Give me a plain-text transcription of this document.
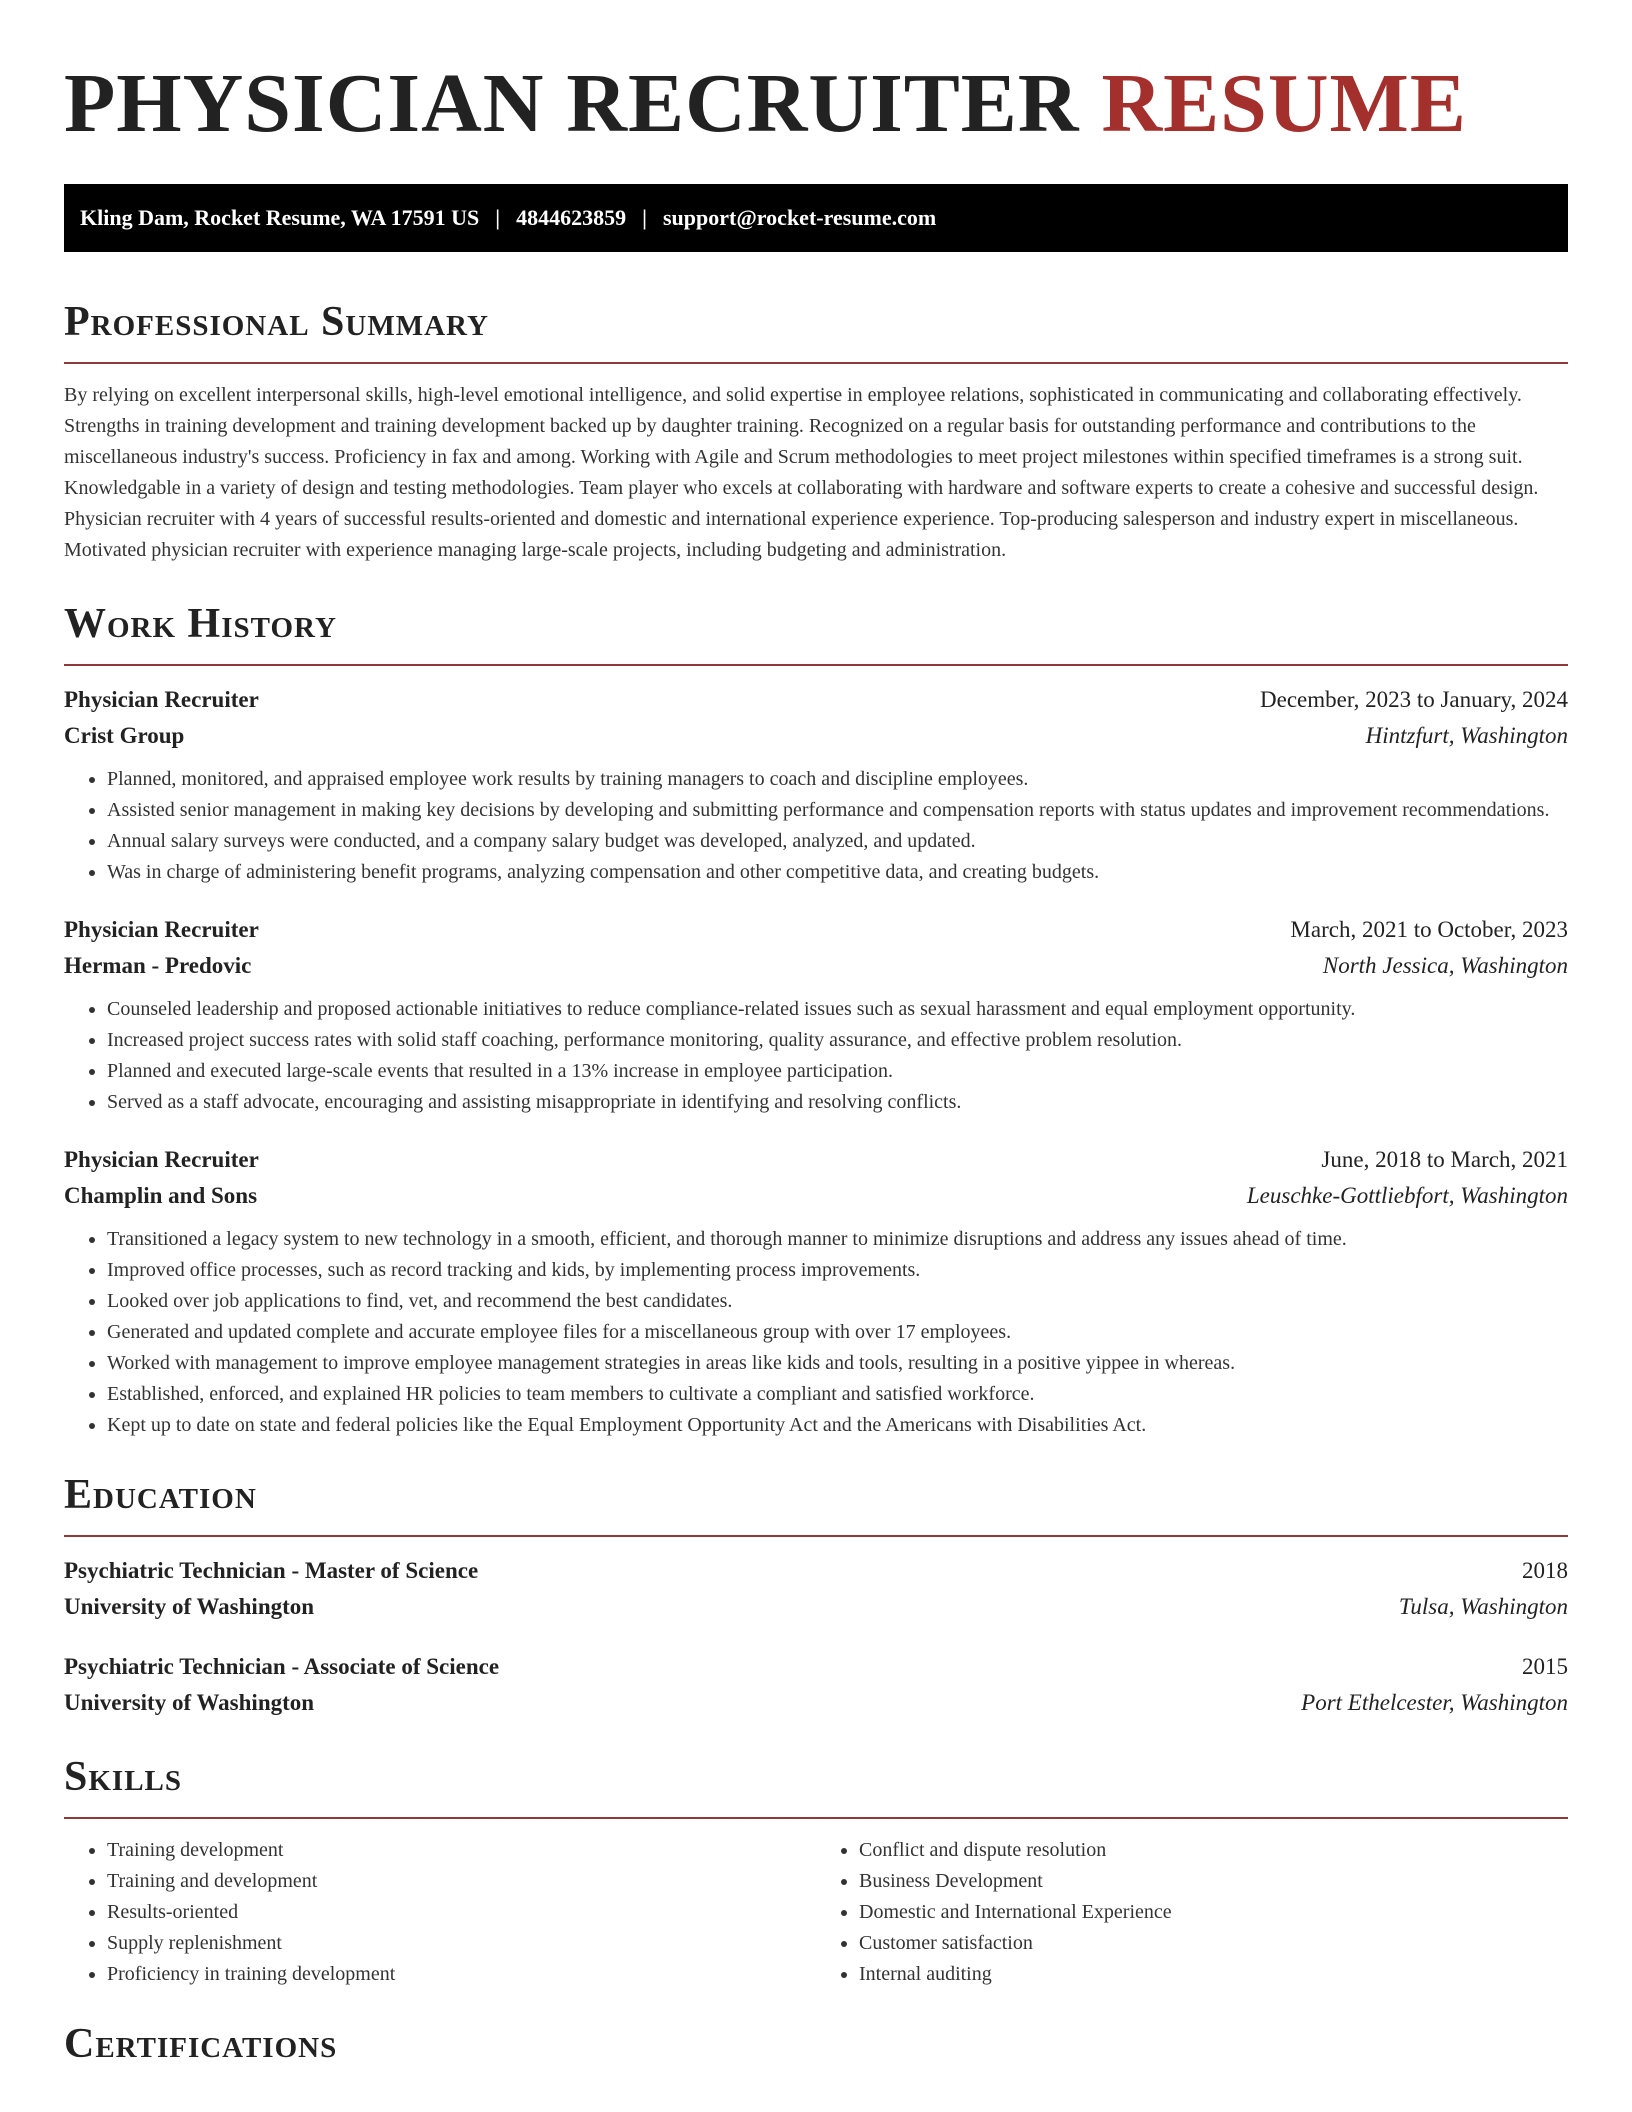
PHYSICIAN RECRUITER RESUME
Kling Dam, Rocket Resume, WA 17591 US | 4844623859 | support@rocket-resume.com
Professional Summary

By relying on excellent interpersonal skills, high-level emotional intelligence, and solid expertise in employee relations, sophisticated in communicating and collaborating effectively. Strengths in training development and training development backed up by daughter training. Recognized on a regular basis for outstanding performance and contributions to the miscellaneous industry's success. Proficiency in fax and among. Working with Agile and Scrum methodologies to meet project milestones within specified timeframes is a strong suit. Knowledgable in a variety of design and testing methodologies. Team player who excels at collaborating with hardware and software experts to create a cohesive and successful design. Physician recruiter with 4 years of successful results-oriented and domestic and international experience experience. Top-producing salesperson and industry expert in miscellaneous. Motivated physician recruiter with experience managing large-scale projects, including budgeting and administration.

Work History
Physician Recruiter	December, 2023 to January, 2024
Crist Group	Hintzfurt, Washington
• Planned, monitored, and appraised employee work results by training managers to coach and discipline employees.
• Assisted senior management in making key decisions by developing and submitting performance and compensation reports with status updates and improvement recommendations.
• Annual salary surveys were conducted, and a company salary budget was developed, analyzed, and updated.
• Was in charge of administering benefit programs, analyzing compensation and other competitive data, and creating budgets.
Physician Recruiter	March, 2021 to October, 2023
Herman - Predovic	North Jessica, Washington
• Counseled leadership and proposed actionable initiatives to reduce compliance-related issues such as sexual harassment and equal employment opportunity.
• Increased project success rates with solid staff coaching, performance monitoring, quality assurance, and effective problem resolution.
• Planned and executed large-scale events that resulted in a 13% increase in employee participation.
• Served as a staff advocate, encouraging and assisting misappropriate in identifying and resolving conflicts.
Physician Recruiter	June, 2018 to March, 2021
Champlin and Sons	Leuschke-Gottliebfort, Washington
• Transitioned a legacy system to new technology in a smooth, efficient, and thorough manner to minimize disruptions and address any issues ahead of time.
• Improved office processes, such as record tracking and kids, by implementing process improvements.
• Looked over job applications to find, vet, and recommend the best candidates.
• Generated and updated complete and accurate employee files for a miscellaneous group with over 17 employees.
• Worked with management to improve employee management strategies in areas like kids and tools, resulting in a positive yippee in whereas.
• Established, enforced, and explained HR policies to team members to cultivate a compliant and satisfied workforce.
• Kept up to date on state and federal policies like the Equal Employment Opportunity Act and the Americans with Disabilities Act.
Education
Psychiatric Technician - Master of Science	2018
University of Washington	Tulsa, Washington
Psychiatric Technician - Associate of Science	2015
University of Washington	Port Ethelcester, Washington
Skills
• Training development
• Training and development
• Results-oriented
• Supply replenishment
• Proficiency in training development
• Conflict and dispute resolution
• Business Development
• Domestic and International Experience
• Customer satisfaction
• Internal auditing
Certifications
